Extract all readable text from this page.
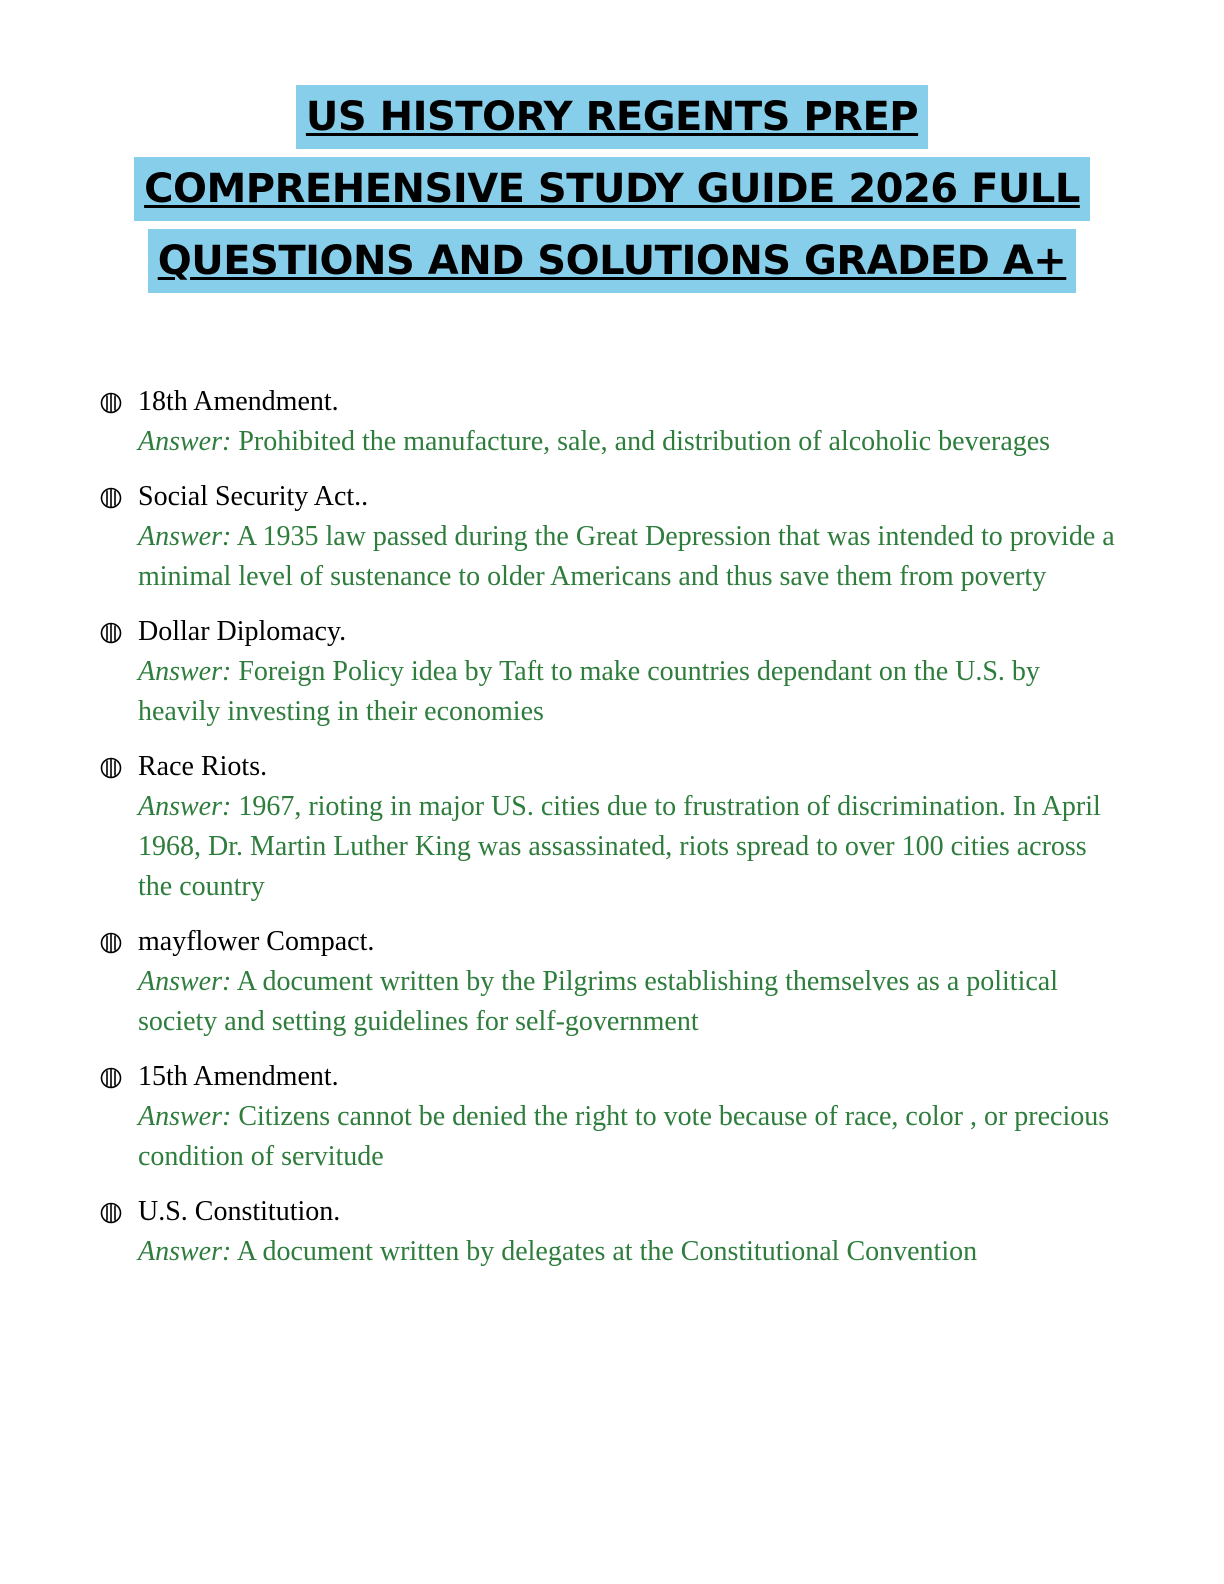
US HISTORY REGENTS PREP
COMPREHENSIVE STUDY GUIDE 2026 FULL
QUESTIONS AND SOLUTIONS GRADED A+
18th Amendment.
Answer: Prohibited the manufacture, sale, and distribution of alcoholic beverages
Social Security Act..
Answer: A 1935 law passed during the Great Depression that was intended to provide a minimal level of sustenance to older Americans and thus save them from poverty
Dollar Diplomacy.
Answer: Foreign Policy idea by Taft to make countries dependant on the U.S. by heavily investing in their economies
Race Riots.
Answer: 1967, rioting in major US. cities due to frustration of discrimination. In April 1968, Dr. Martin Luther King was assassinated, riots spread to over 100 cities across the country
mayflower Compact.
Answer: A document written by the Pilgrims establishing themselves as a political society and setting guidelines for self-government
15th Amendment.
Answer: Citizens cannot be denied the right to vote because of race, color , or precious condition of servitude
U.S. Constitution.
Answer: A document written by delegates at the Constitutional Convention
